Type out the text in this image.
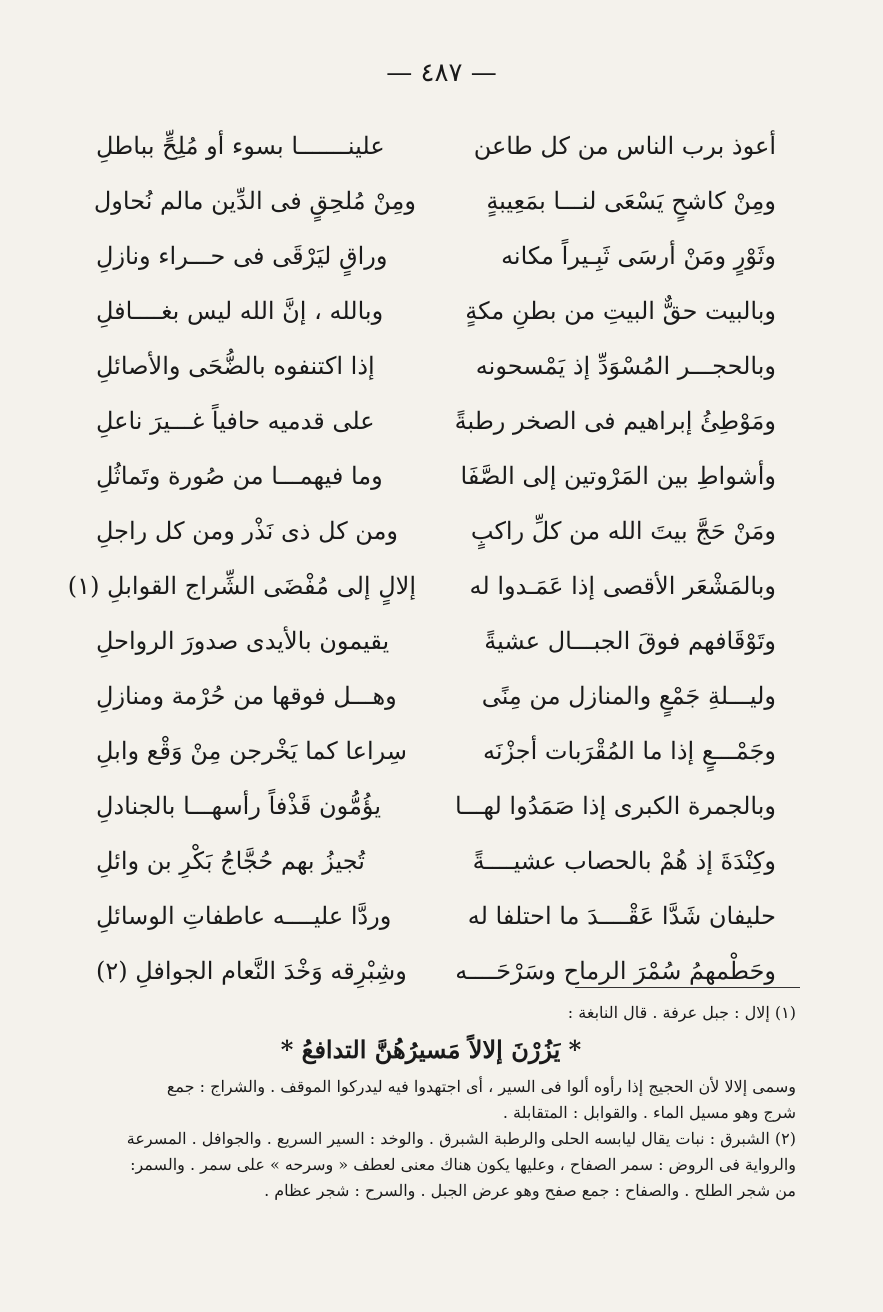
— ٤٨٧ —
أعوذ برب الناس من كل طاعن
علينـــــــا بسوء أو مُلِحٍّ بباطلِ
ومِنْ كاشحٍ يَسْعَى لنـــا بمَعِيبةٍ
ومِنْ مُلحِقٍ فى الدِّين مالم نُحاول
وثَوْرٍ ومَنْ أرسَى ثَبِـيراً مكانه
وراقٍ ليَرْقَى فى حـــراء ونازلِ
وبالبيت حقٌّ البيتِ من بطنِ مكةٍ
وبالله ، إنَّ الله ليس بغــــافلِ
وبالحجـــر المُسْوَدِّ إذ يَمْسحونه
إذا اكتنفوه بالضُّحَى والأصائلِ
ومَوْطِئُ إبراهيم فى الصخر رطبةً
على قدميه حافياً غـــيرَ ناعلِ
وأشواطِ بين المَرْوتين إلى الصَّفَا
وما فيهمـــا من صُورة وتَماثُلِ
ومَنْ حَجَّ بيتَ الله من كلِّ راكبٍ
ومن كل ذى نَذْر ومن كل راجلِ
وبالمَشْعَر الأقصى إذا عَمَـدوا له
إلالٍ إلى مُفْضَى الشِّراج القوابلِ (١)
وتَوْقَافهم فوقَ الجبـــال عشيةً
يقيمون بالأيدى صدورَ الرواحلِ
وليـــلةِ جَمْعٍ والمنازل من مِنًى
وهـــل فوقها من حُرْمة ومنازلِ
وجَمْـــعٍ إذا ما المُقْرَبات أجزْنَه
سِراعا كما يَخْرجن مِنْ وَقْع وابلِ
وبالجمرة الكبرى إذا صَمَدُوا لهـــا
يؤُمُّون قَذْفاً رأسهـــا بالجنادلِ
وكِنْدَةَ إذ هُمْ بالحصاب عشيــــةً
تُجيزُ بهم حُجَّاجُ بَكْرِ بن وائلِ
حليفان شَدَّا عَقْــــدَ ما احتلفا له
وردَّا عليــــه عاطفاتِ الوسائلِ
وحَطْمهمُ سُمْرَ الرماح وسَرْحَــــه
وشِبْرِقه وَخْدَ النَّعام الجوافلِ (٢)
(١) إلال : جبل عرفة . قال النابغة :
* يَزُرْنَ إلالاً مَسيرُهُنَّ التدافعُ *
وسمى إلالا لأن الحجيج إذا رأوه ألوا فى السير ، أى اجتهدوا فيه ليدركوا الموقف . والشراج : جمع
شرج وهو مسيل الماء . والقوابل : المتقابلة .
(٢) الشبرق : نبات يقال ليابسه الحلى والرطبة الشبرق . والوخد : السير السريع . والجوافل . المسرعة
والرواية فى الروض : سمر الصفاح ، وعليها يكون هناك معنى لعطف « وسرحه » على سمر . والسمر:
من شجر الطلح . والصفاح : جمع صفح وهو عرض الجبل . والسرح : شجر عظام .
